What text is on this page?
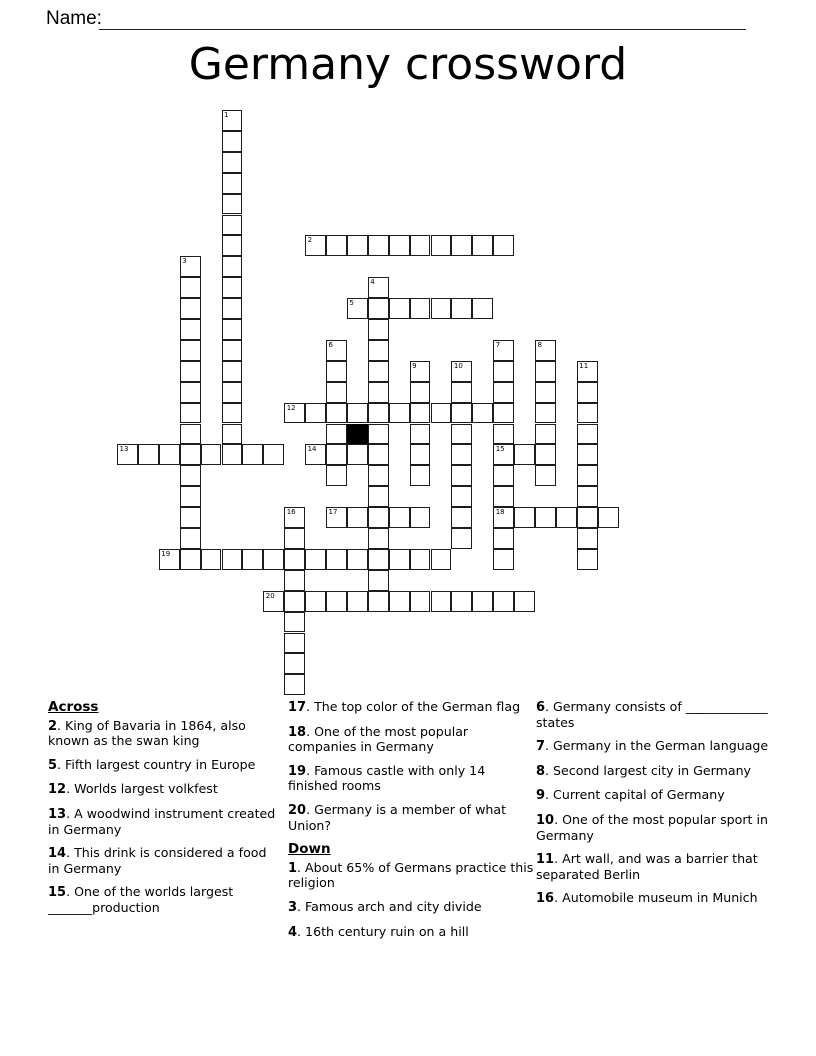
Name:
Germany crossword
1
2
3
4
5
6	7
15
18
8
9	10	11
12
13	14
16	17
19
20
Across
2. King of Bavaria in 1864, also known as the swan king
5. Fifth largest country in Europe
12. Worlds largest volkfest
13. A woodwind instrument created in Germany
14. This drink is considered a food in Germany
15. One of the worlds largest _______production
17. The top color of the German flag
18. One of the most popular companies in Germany
19. Famous castle with only 14 finished rooms
20. Germany is a member of what Union?
Down
1. About 65% of Germans practice this religion
3. Famous arch and city divide
4. 16th century ruin on a hill
6. Germany consists of _____________ states
7. Germany in the German language
8. Second largest city in Germany
9. Current capital of Germany
10. One of the most popular sport in Germany
11. Art wall, and was a barrier that separated Berlin
16. Automobile museum in Munich
